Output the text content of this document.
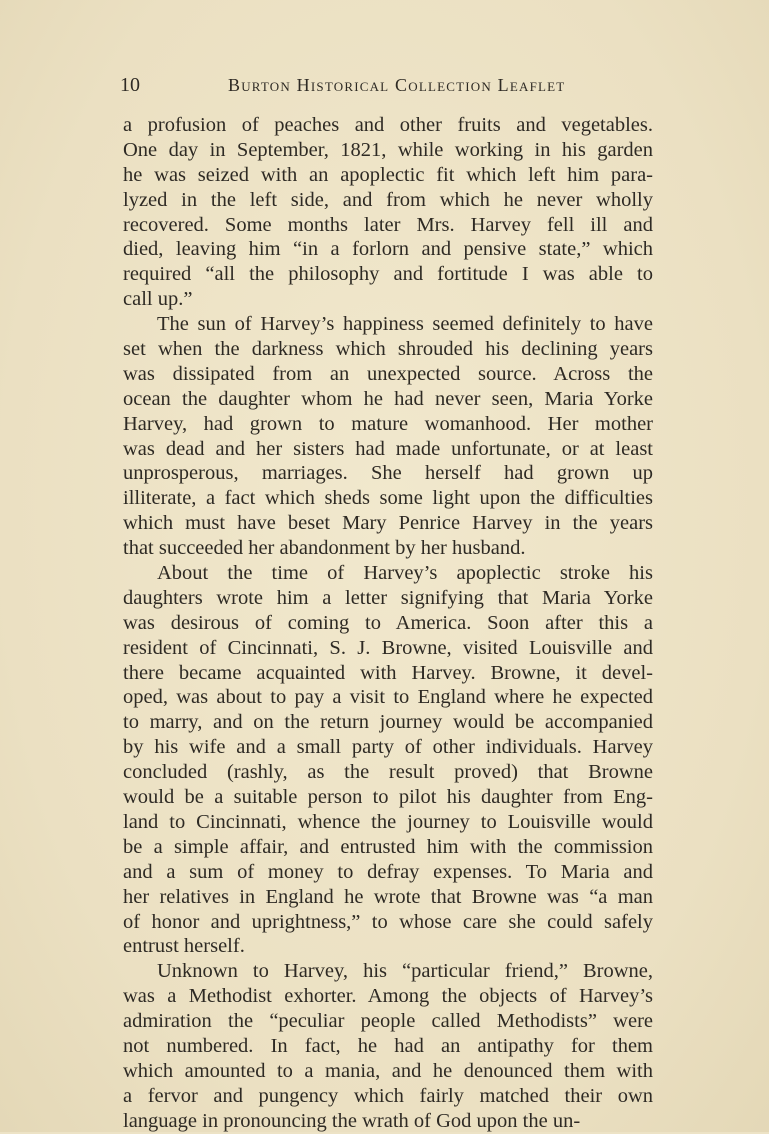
10	Burton Historical Collection Leaflet

a profusion of peaches and other fruits and vegetables.
One day in September, 1821, while working in his garden
he was seized with an apoplectic fit which left him para-
lyzed in the left side, and from which he never wholly
recovered. Some months later Mrs. Harvey fell ill and
died, leaving him “in a forlorn and pensive state,” which
required “all the philosophy and fortitude I was able to
call up.”

The sun of Harvey’s happiness seemed definitely to have
set when the darkness which shrouded his declining years
was dissipated from an unexpected source. Across the
ocean the daughter whom he had never seen, Maria Yorke
Harvey, had grown to mature womanhood. Her mother
was dead and her sisters had made unfortunate, or at least
unprosperous, marriages. She herself had grown up
illiterate, a fact which sheds some light upon the difficulties
which must have beset Mary Penrice Harvey in the years
that succeeded her abandonment by her husband.

About the time of Harvey’s apoplectic stroke his
daughters wrote him a letter signifying that Maria Yorke
was desirous of coming to America. Soon after this a
resident of Cincinnati, S. J. Browne, visited Louisville and
there became acquainted with Harvey. Browne, it devel-
oped, was about to pay a visit to England where he expected
to marry, and on the return journey would be accompanied
by his wife and a small party of other individuals. Harvey
concluded (rashly, as the result proved) that Browne
would be a suitable person to pilot his daughter from Eng-
land to Cincinnati, whence the journey to Louisville would
be a simple affair, and entrusted him with the commission
and a sum of money to defray expenses. To Maria and
her relatives in England he wrote that Browne was “a man
of honor and uprightness,” to whose care she could safely
entrust herself.

Unknown to Harvey, his “particular friend,” Browne,
was a Methodist exhorter. Among the objects of Harvey’s
admiration the “peculiar people called Methodists” were
not numbered. In fact, he had an antipathy for them
which amounted to a mania, and he denounced them with
a fervor and pungency which fairly matched their own
language in pronouncing the wrath of God upon the un-
